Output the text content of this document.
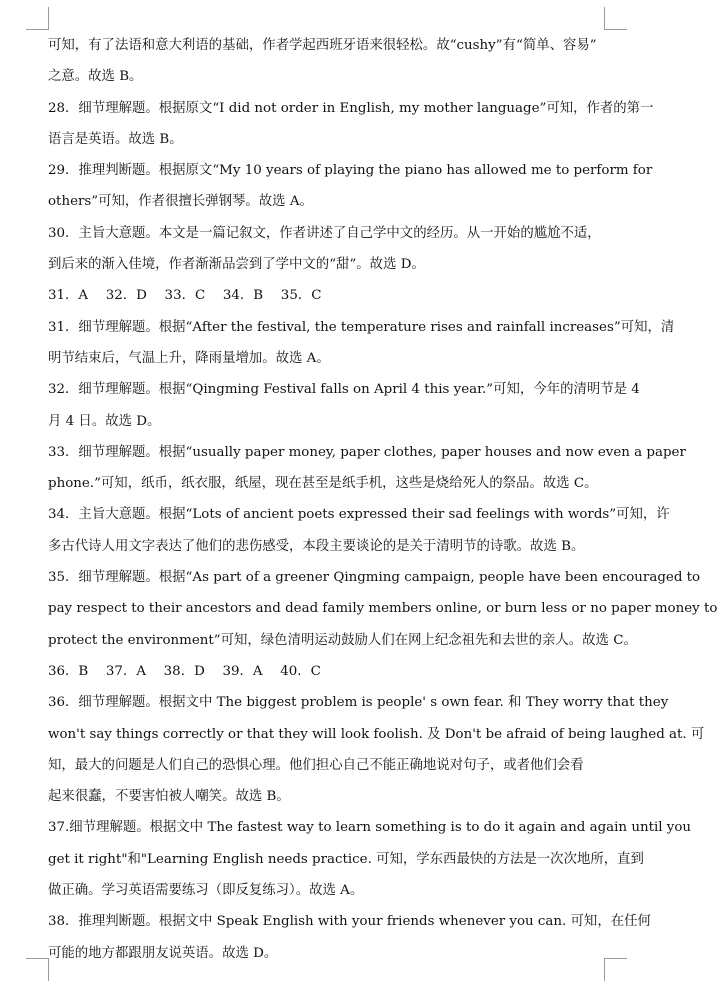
可知，有了法语和意大利语的基础，作者学起西班牙语来很轻松。故“cushy”有“简单、容易”
之意。故选 B。
28．细节理解题。根据原文“I did not order in English, my mother language”可知，作者的第一
语言是英语。故选 B。
29．推理判断题。根据原文“My 10 years of playing the piano has allowed me to perform for
others”可知，作者很擅长弹钢琴。故选 A。
30．主旨大意题。本文是一篇记叙文，作者讲述了自己学中文的经历。从一开始的尴尬不适，
到后来的渐入佳境，作者渐渐品尝到了学中文的“甜”。故选 D。
31．A　 32．D　 33．C　 34．B　 35．C
31．细节理解题。根据“After the festival, the temperature rises and rainfall increases”可知，清
明节结束后，气温上升，降雨量增加。故选 A。
32．细节理解题。根据“Qingming Festival falls on April 4 this year.”可知，今年的清明节是 4
月 4 日。故选 D。
33．细节理解题。根据“usually paper money, paper clothes, paper houses and now even a paper
phone.”可知，纸币，纸衣服，纸屋，现在甚至是纸手机，这些是烧给死人的祭品。故选 C。
34．主旨大意题。根据“Lots of ancient poets expressed their sad feelings with words”可知，许
多古代诗人用文字表达了他们的悲伤感受，本段主要谈论的是关于清明节的诗歌。故选 B。
35．细节理解题。根据“As part of a greener Qingming campaign, people have been encouraged to
pay respect to their ancestors and dead family members online, or burn less or no paper money to
protect the environment”可知，绿色清明运动鼓励人们在网上纪念祖先和去世的亲人。故选 C。
36．B　 37．A　 38．D　 39．A　 40．C
36．细节理解题。根据文中 The biggest problem is people' s own fear. 和 They worry that they
won't say things correctly or that they will look foolish. 及 Don't be afraid of being laughed at. 可
知，最大的问题是人们自己的恐惧心理。他们担心自己不能正确地说对句子，或者他们会看
起来很蠢，不要害怕被人嘲笑。故选 B。
37.细节理解题。根据文中 The fastest way to learn something is to do it again and again until you
get it right"和"Learning English needs practice. 可知，学东西最快的方法是一次次地所，直到
做正确。学习英语需要练习（即反复练习）。故选 A。
38．推理判断题。根据文中 Speak English with your friends whenever you can. 可知，在任何
可能的地方都跟朋友说英语。故选 D。
